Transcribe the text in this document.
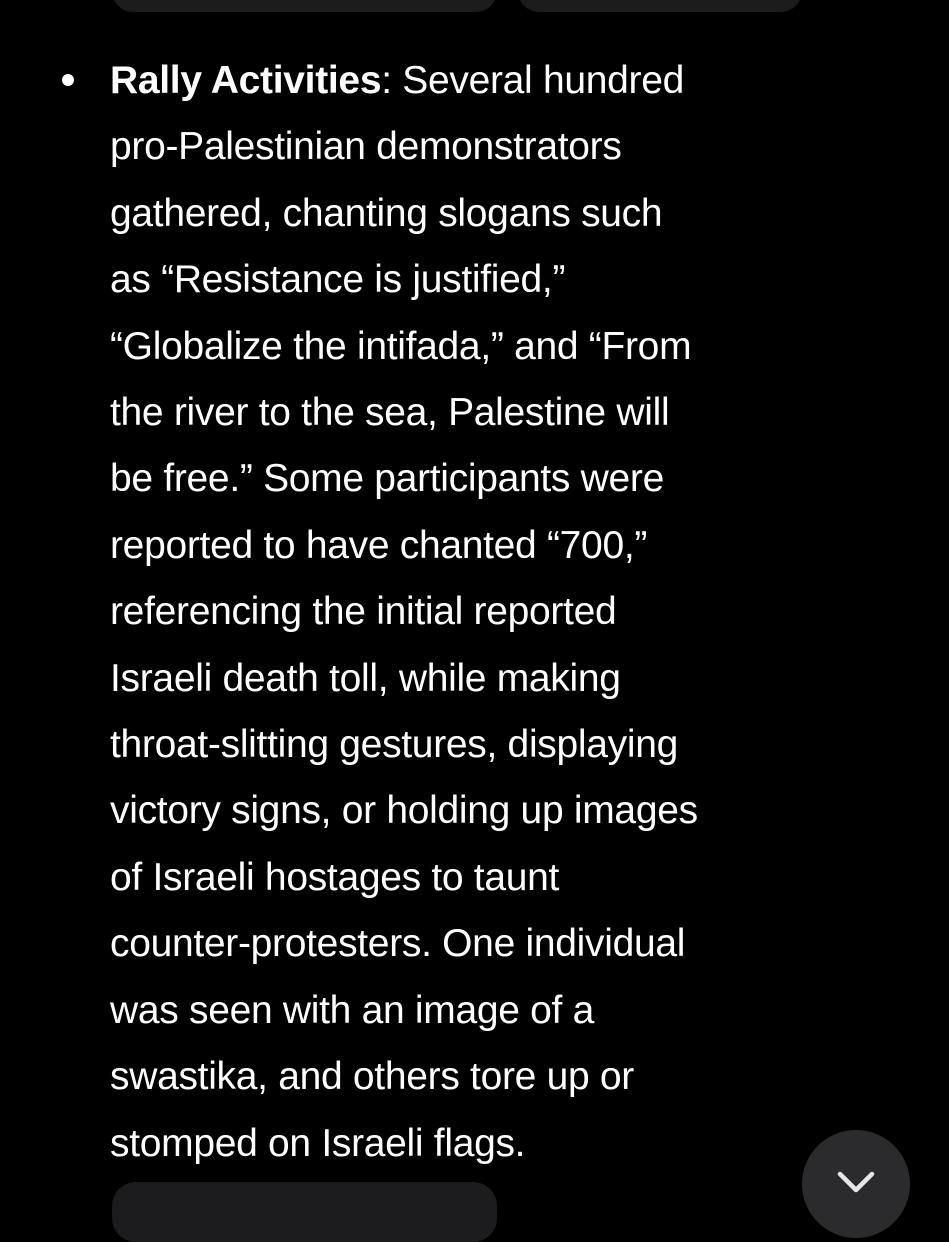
Rally Activities: Several hundred
pro-Palestinian demonstrators
gathered, chanting slogans such
as “Resistance is justified,”
“Globalize the intifada,” and “From
the river to the sea, Palestine will
be free.” Some participants were
reported to have chanted “700,”
referencing the initial reported
Israeli death toll, while making
throat-slitting gestures, displaying
victory signs, or holding up images
of Israeli hostages to taunt
counter-protesters. One individual
was seen with an image of a
swastika, and others tore up or
stomped on Israeli flags.
